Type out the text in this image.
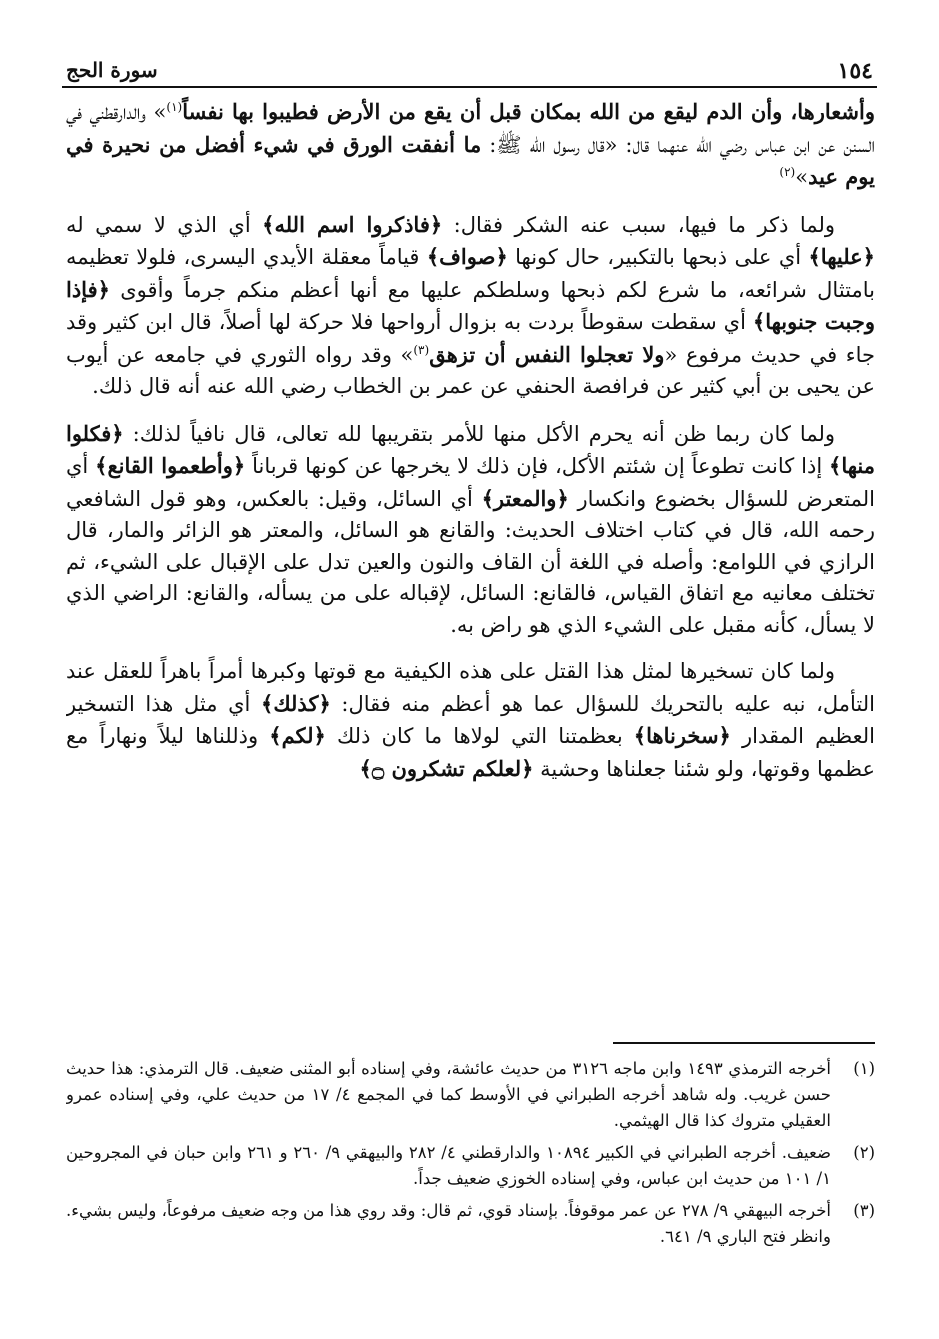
١٥٤
سورة الحج

وأشعارها، وأن الدم ليقع من الله بمكان قبل أن يقع من الأرض فطيبوا بها نفساً$^{(١)}$» والدارقطني في السنن عن ابن عباس رضي الله عنهما قال: «قال رسول الله ﷺ: ما أنفقت الورق في شيء أفضل من نحيرة في يوم عيد»$^{(٢)}$

ولما ذكر ما فيها، سبب عنه الشكر فقال: ﴿فاذكروا اسم الله﴾ أي الذي لا سمي له ﴿عليها﴾ أي على ذبحها بالتكبير، حال كونها ﴿صواف﴾ قياماً معقلة الأيدي اليسرى، فلولا تعظيمه بامتثال شرائعه، ما شرع لكم ذبحها وسلطكم عليها مع أنها أعظم منكم جرماً وأقوى ﴿فإذا وجبت جنوبها﴾ أي سقطت سقوطاً بردت به بزوال أرواحها فلا حركة لها أصلاً، قال ابن كثير وقد جاء في حديث مرفوع «ولا تعجلوا النفس أن تزهق$^{(٣)}$» وقد رواه الثوري في جامعه عن أيوب عن يحيى بن أبي كثير عن فرافصة الحنفي عن عمر بن الخطاب رضي الله عنه أنه قال ذلك.

ولما كان ربما ظن أنه يحرم الأكل منها للأمر بتقريبها لله تعالى، قال نافياً لذلك: ﴿فكلوا منها﴾ إذا كانت تطوعاً إن شئتم الأكل، فإن ذلك لا يخرجها عن كونها قرباناً ﴿وأطعموا القانع﴾ أي المتعرض للسؤال بخضوع وانكسار ﴿والمعتر﴾ أي السائل، وقيل: بالعكس، وهو قول الشافعي رحمه الله، قال في كتاب اختلاف الحديث: والقانع هو السائل، والمعتر هو الزائر والمار، قال الرازي في اللوامع: وأصله في اللغة أن القاف والنون والعين تدل على الإقبال على الشيء، ثم تختلف معانيه مع اتفاق القياس، فالقانع: السائل، لإقباله على من يسأله، والقانع: الراضي الذي لا يسأل، كأنه مقبل على الشيء الذي هو راض به.

ولما كان تسخيرها لمثل هذا القتل على هذه الكيفية مع قوتها وكبرها أمراً باهراً للعقل عند التأمل، نبه عليه بالتحريك للسؤال عما هو أعظم منه فقال: ﴿كذلك﴾ أي مثل هذا التسخير العظيم المقدار ﴿سخرناها﴾ بعظمتنا التي لولاها ما كان ذلك ﴿لكم﴾ وذللناها ليلاً ونهاراً مع عظمها وقوتها، ولو شئنا جعلناها وحشية ﴿لعلكم تشكرون ۝﴾

(١)
أخرجه الترمذي ١٤٩٣ وابن ماجه ٣١٢٦ من حديث عائشة، وفي إسناده أبو المثنى ضعيف. قال الترمذي: هذا حديث حسن غريب. وله شاهد أخرجه الطبراني في الأوسط كما في المجمع ٤/ ١٧ من حديث علي، وفي إسناده عمرو العقيلي متروك كذا قال الهيثمي.
(٢)
ضعيف. أخرجه الطبراني في الكبير ١٠٨٩٤ والدارقطني ٤/ ٢٨٢ والبيهقي ٩/ ٢٦٠ و ٢٦١ وابن حبان في المجروحين ١/ ١٠١ من حديث ابن عباس، وفي إسناده الخوزي ضعيف جداً.
(٣)
أخرجه البيهقي ٩/ ٢٧٨ عن عمر موقوفاً. بإسناد قوي، ثم قال: وقد روي هذا من وجه ضعيف مرفوعاً، وليس بشيء. وانظر فتح الباري ٩/ ٦٤١.
